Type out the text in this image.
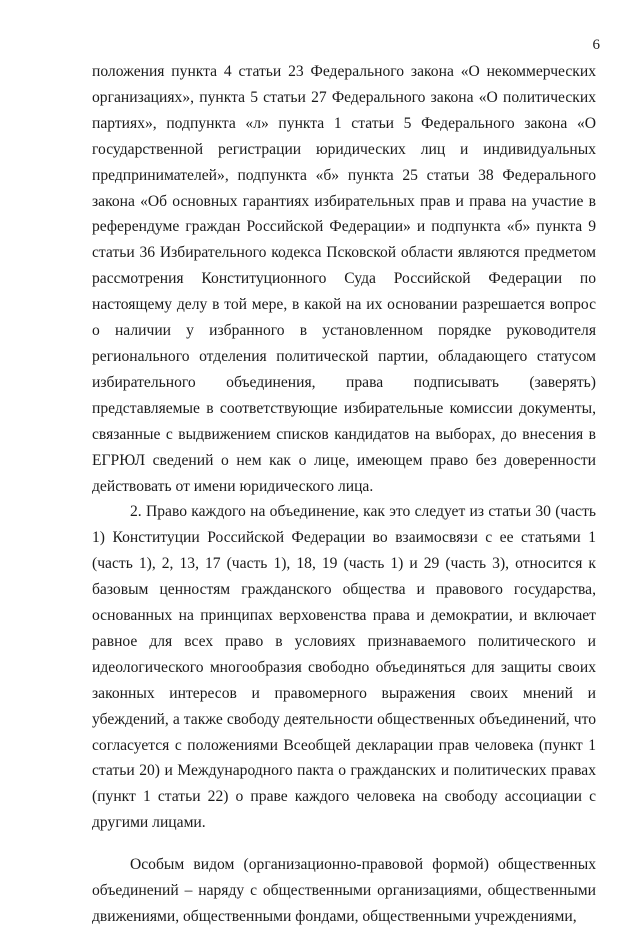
6

положения пункта 4 статьи 23 Федерального закона «О некоммерческих организациях», пункта 5 статьи 27 Федерального закона «О политических партиях», подпункта «л» пункта 1 статьи 5 Федерального закона «О государственной регистрации юридических лиц и индивидуальных предпринимателей», подпункта «б» пункта 25 статьи 38 Федерального закона «Об основных гарантиях избирательных прав и права на участие в референдуме граждан Российской Федерации» и подпункта «б» пункта 9 статьи 36 Избирательного кодекса Псковской области являются предметом рассмотрения Конституционного Суда Российской Федерации по настоящему делу в той мере, в какой на их основании разрешается вопрос о наличии у избранного в установленном порядке руководителя регионального отделения политической партии, обладающего статусом избирательного объединения, права подписывать (заверять) представляемые в соответствующие избирательные комиссии документы, связанные с выдвижением списков кандидатов на выборах, до внесения в ЕГРЮЛ сведений о нем как о лице, имеющем право без доверенности действовать от имени юридического лица.

2. Право каждого на объединение, как это следует из статьи 30 (часть 1) Конституции Российской Федерации во взаимосвязи с ее статьями 1 (часть 1), 2, 13, 17 (часть 1), 18, 19 (часть 1) и 29 (часть 3), относится к базовым ценностям гражданского общества и правового государства, основанных на принципах верховенства права и демократии, и включает равное для всех право в условиях признаваемого политического и идеологического многообразия свободно объединяться для защиты своих законных интересов и правомерного выражения своих мнений и убеждений, а также свободу деятельности общественных объединений, что согласуется с положениями Всеобщей декларации прав человека (пункт 1 статьи 20) и Международного пакта о гражданских и политических правах (пункт 1 статьи 22) о праве каждого человека на свободу ассоциации с другими лицами.

Особым видом (организационно-правовой формой) общественных объединений – наряду с общественными организациями, общественными движениями, общественными фондами, общественными учреждениями,
